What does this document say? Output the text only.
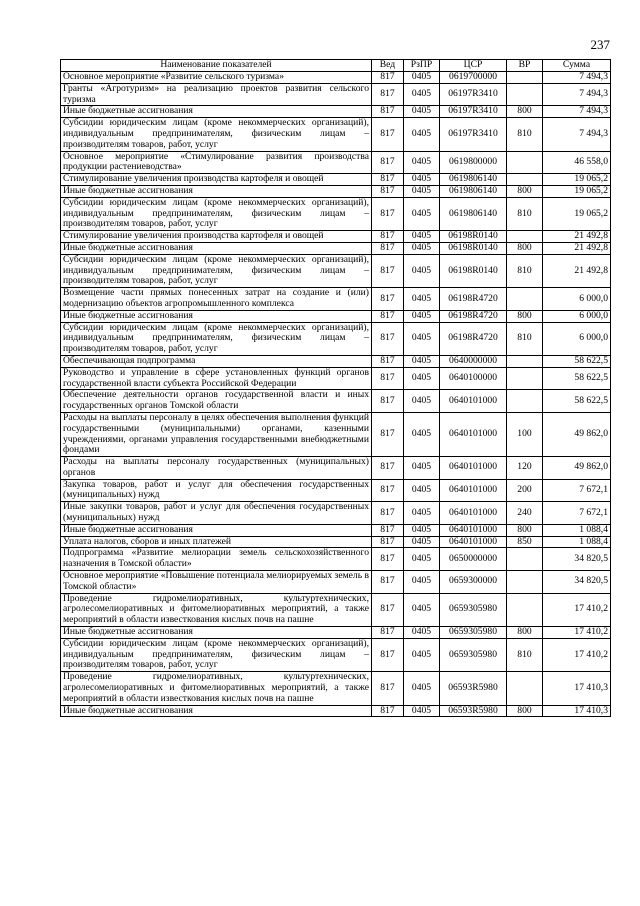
237
Наименование показателей	Вед	РзПР	ЦСР	ВР	Сумма
Основное мероприятие «Развитие сельского туризма»	817	0405	0619700000		7 494,3
Гранты «Агротуризм» на реализацию проектов развития сельского туризма	817	0405	06197R3410		7 494,3
Иные бюджетные ассигнования	817	0405	06197R3410	800	7 494,3
Субсидии юридическим лицам (кроме некоммерческих организаций), индивидуальным предпринимателям, физическим лицам – производителям товаров, работ, услуг	817	0405	06197R3410	810	7 494,3
Основное мероприятие «Стимулирование развития производства продукции растениеводства»	817	0405	0619800000		46 558,0
Стимулирование увеличения производства картофеля и овощей	817	0405	0619806140		19 065,2
Иные бюджетные ассигнования	817	0405	0619806140	800	19 065,2
Субсидии юридическим лицам (кроме некоммерческих организаций), индивидуальным предпринимателям, физическим лицам – производителям товаров, работ, услуг	817	0405	0619806140	810	19 065,2
Стимулирование увеличения производства картофеля и овощей	817	0405	06198R0140		21 492,8
Иные бюджетные ассигнования	817	0405	06198R0140	800	21 492,8
Субсидии юридическим лицам (кроме некоммерческих организаций), индивидуальным предпринимателям, физическим лицам – производителям товаров, работ, услуг	817	0405	06198R0140	810	21 492,8
Возмещение части прямых понесенных затрат на создание и (или) модернизацию объектов агропромышленного комплекса	817	0405	06198R4720		6 000,0
Иные бюджетные ассигнования	817	0405	06198R4720	800	6 000,0
Субсидии юридическим лицам (кроме некоммерческих организаций), индивидуальным предпринимателям, физическим лицам – производителям товаров, работ, услуг	817	0405	06198R4720	810	6 000,0
Обеспечивающая подпрограмма	817	0405	0640000000		58 622,5
Руководство и управление в сфере установленных функций органов государственной власти субъекта Российской Федерации	817	0405	0640100000		58 622,5
Обеспечение деятельности органов государственной власти и иных государственных органов Томской области	817	0405	0640101000		58 622,5
Расходы на выплаты персоналу в целях обеспечения выполнения функций государственными (муниципальными) органами, казенными учреждениями, органами управления государственными внебюджетными фондами	817	0405	0640101000	100	49 862,0
Расходы на выплаты персоналу государственных (муниципальных) органов	817	0405	0640101000	120	49 862,0
Закупка товаров, работ и услуг для обеспечения государственных (муниципальных) нужд	817	0405	0640101000	200	7 672,1
Иные закупки товаров, работ и услуг для обеспечения государственных (муниципальных) нужд	817	0405	0640101000	240	7 672,1
Иные бюджетные ассигнования	817	0405	0640101000	800	1 088,4
Уплата налогов, сборов и иных платежей	817	0405	0640101000	850	1 088,4
Подпрограмма «Развитие мелиорации земель сельскохозяйственного назначения в Томской области»	817	0405	0650000000		34 820,5
Основное мероприятие «Повышение потенциала мелиорируемых земель в Томской области»	817	0405	0659300000		34 820,5
Проведение гидромелиоративных, культуртехнических, агролесомелиоративных и фитомелиоративных мероприятий, а также мероприятий в области известкования кислых почв на пашне	817	0405	0659305980		17 410,2
Иные бюджетные ассигнования	817	0405	0659305980	800	17 410,2
Субсидии юридическим лицам (кроме некоммерческих организаций), индивидуальным предпринимателям, физическим лицам – производителям товаров, работ, услуг	817	0405	0659305980	810	17 410,2
Проведение гидромелиоративных, культуртехнических, агролесомелиоративных и фитомелиоративных мероприятий, а также мероприятий в области известкования кислых почв на пашне	817	0405	06593R5980		17 410,3
Иные бюджетные ассигнования	817	0405	06593R5980	800	17 410,3
